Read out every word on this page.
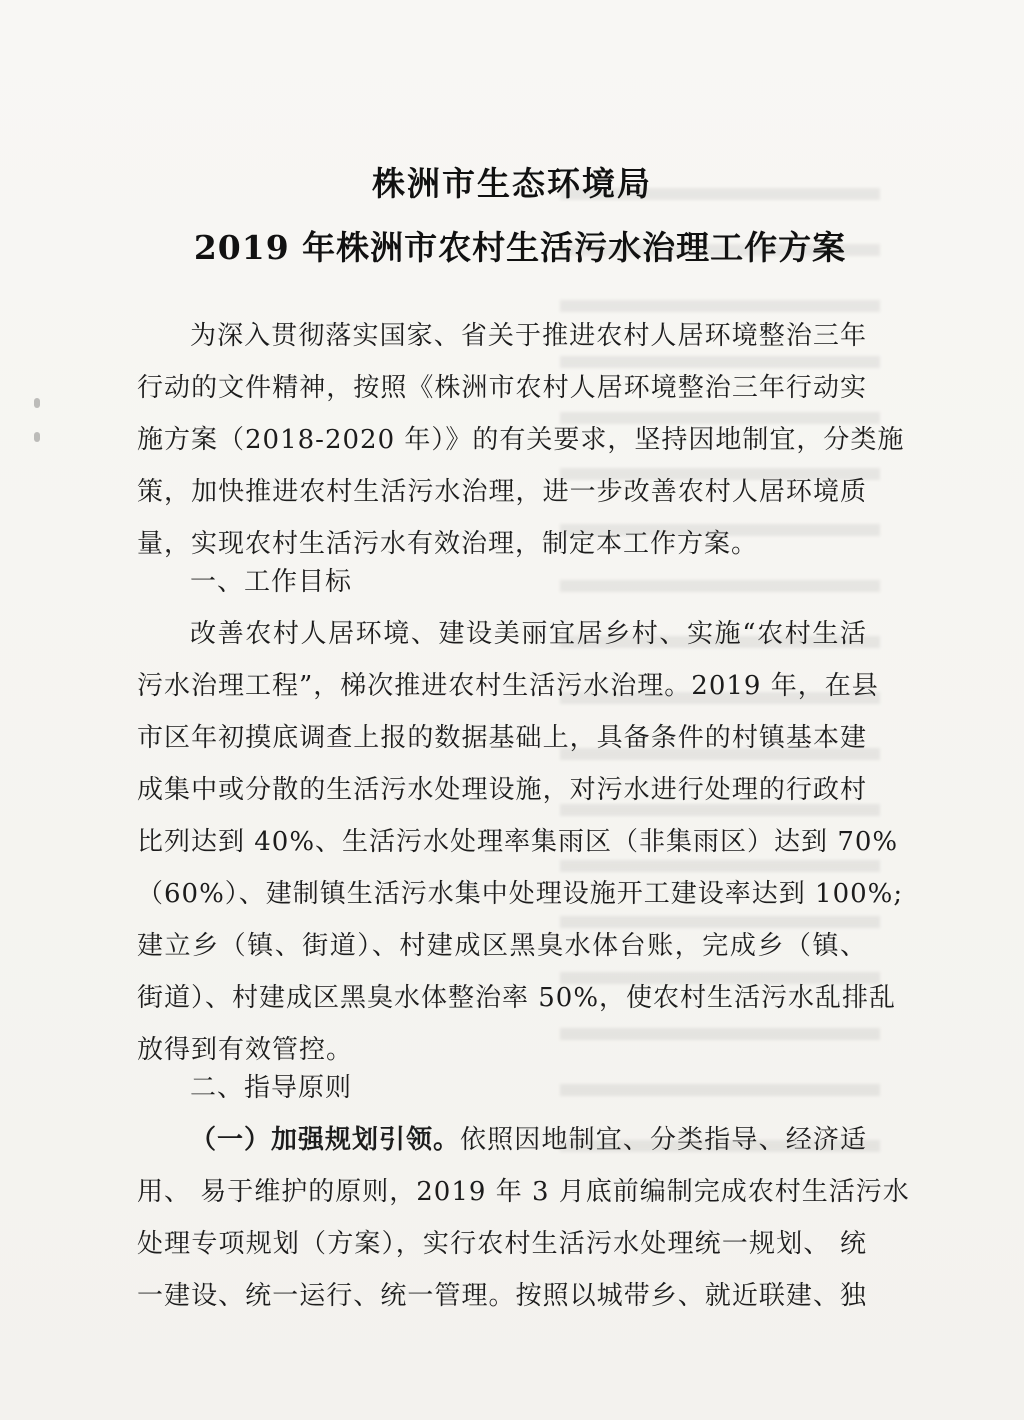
株洲市生态环境局
2019 年株洲市农村生活污水治理工作方案
为深入贯彻落实国家、省关于推进农村人居环境整治三年
行动的文件精神，按照《株洲市农村人居环境整治三年行动实
施方案（2018-2020 年）》的有关要求，坚持因地制宜，分类施
策，加快推进农村生活污水治理，进一步改善农村人居环境质
量，实现农村生活污水有效治理，制定本工作方案。
一、工作目标
改善农村人居环境、建设美丽宜居乡村、实施“农村生活
污水治理工程”，梯次推进农村生活污水治理。2019 年，在县
市区年初摸底调查上报的数据基础上，具备条件的村镇基本建
成集中或分散的生活污水处理设施，对污水进行处理的行政村
比列达到 40%、生活污水处理率集雨区（非集雨区）达到 70%
（60%）、建制镇生活污水集中处理设施开工建设率达到 100%;
建立乡（镇、街道）、村建成区黑臭水体台账，完成乡（镇、
街道）、村建成区黑臭水体整治率 50%，使农村生活污水乱排乱
放得到有效管控。
二、指导原则
（一）加强规划引领。 依照因地制宜、分类指导、经济适
用、 易于维护的原则，2019 年 3 月底前编制完成农村生活污水
处理专项规划（方案），实行农村生活污水处理统一规划、 统
一建设、统一运行、统一管理。按照以城带乡、就近联建、独
